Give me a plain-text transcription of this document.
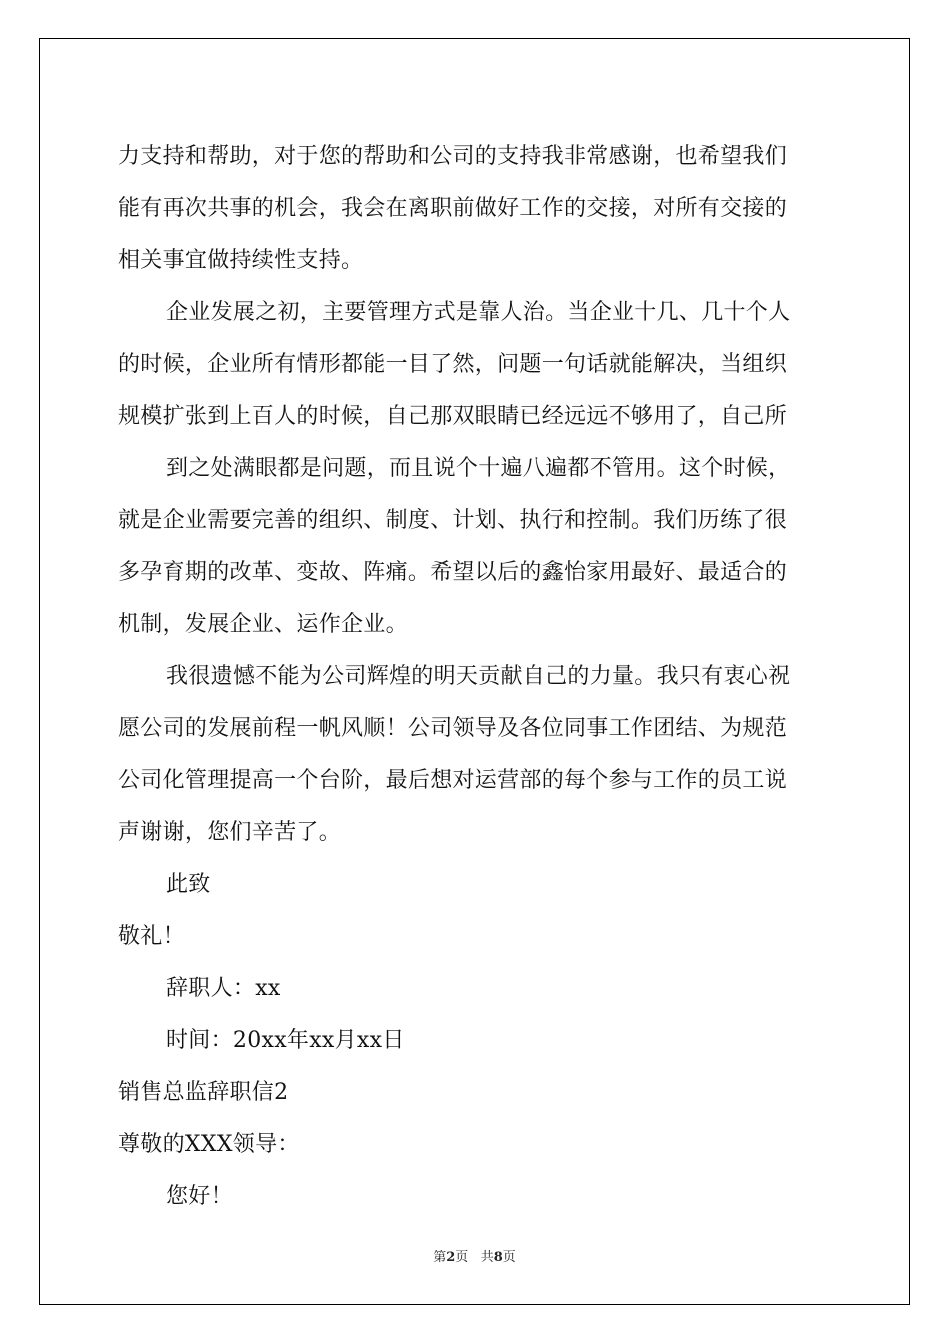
力支持和帮助，对于您的帮助和公司的支持我非常感谢，也希望我们
能有再次共事的机会，我会在离职前做好工作的交接，对所有交接的
相关事宜做持续性支持。
企业发展之初，主要管理方式是靠人治。当企业十几、几十个人
的时候，企业所有情形都能一目了然，问题一句话就能解决，当组织
规模扩张到上百人的时候，自己那双眼睛已经远远不够用了，自己所
到之处满眼都是问题，而且说个十遍八遍都不管用。这个时候，
就是企业需要完善的组织、制度、计划、执行和控制。我们历练了很
多孕育期的改革、变故、阵痛。希望以后的鑫怡家用最好、最适合的
机制，发展企业、运作企业。
我很遗憾不能为公司辉煌的明天贡献自己的力量。我只有衷心祝
愿公司的发展前程一帆风顺！公司领导及各位同事工作团结、为规范
公司化管理提高一个台阶，最后想对运营部的每个参与工作的员工说
声谢谢，您们辛苦了。
此致
敬礼！
辞职人：xx
时间：20xx年xx月xx日
销售总监辞职信2
尊敬的XXX领导：
您好！
第2页 共8页
